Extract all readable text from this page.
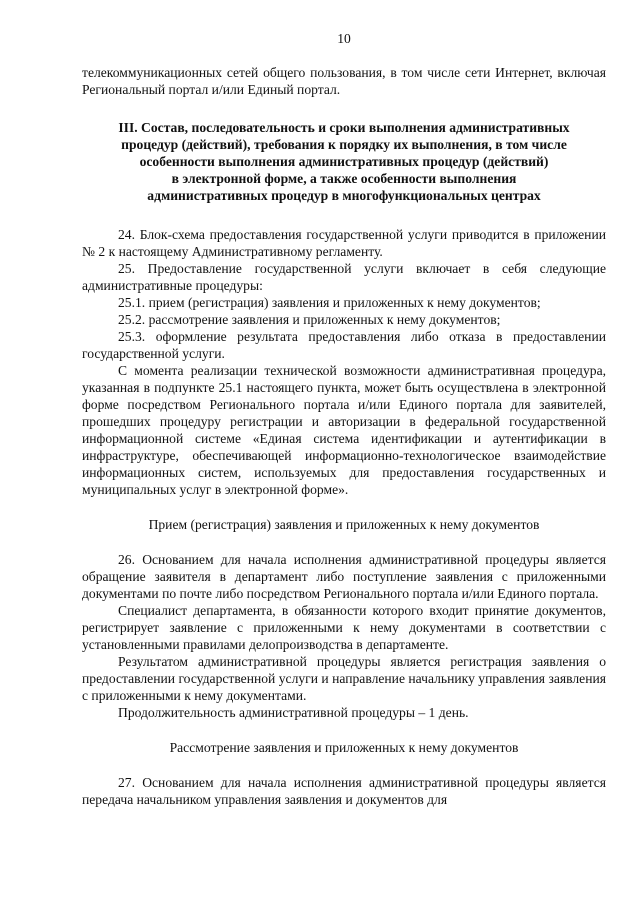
10

телекоммуникационных сетей общего пользования, в том числе сети Интернет, включая Региональный портал и/или Единый портал.

III. Состав, последовательность и сроки выполнения административных
процедур (действий), требования к порядку их выполнения, в том числе
особенности выполнения административных процедур (действий)
в электронной форме, а также особенности выполнения
административных процедур в многофункциональных центрах

24. Блок-схема предоставления государственной услуги приводится в приложении № 2 к настоящему Административному регламенту.

25. Предоставление государственной услуги включает в себя следующие административные процедуры:

25.1. прием (регистрация) заявления и приложенных к нему документов;

25.2. рассмотрение заявления и приложенных к нему документов;

25.3. оформление результата предоставления либо отказа в предоставлении государственной услуги.

С момента реализации технической возможности административная процедура, указанная в подпункте 25.1 настоящего пункта, может быть осуществлена в электронной форме посредством Регионального портала и/или Единого портала для заявителей, прошедших процедуру регистрации и авторизации в федеральной государственной информационной системе «Единая система идентификации и аутентификации в инфраструктуре, обеспечивающей информационно-технологическое взаимодействие информационных систем, используемых для предоставления государственных и муниципальных услуг в электронной форме».

Прием (регистрация) заявления и приложенных к нему документов

26. Основанием для начала исполнения административной процедуры является обращение заявителя в департамент либо поступление заявления с приложенными документами по почте либо посредством Регионального портала и/или Единого портала.

Специалист департамента, в обязанности которого входит принятие документов, регистрирует заявление с приложенными к нему документами в соответствии с установленными правилами делопроизводства в департаменте.

Результатом административной процедуры является регистрация заявления о предоставлении государственной услуги и направление начальнику управления заявления с приложенными к нему документами.

Продолжительность административной процедуры – 1 день.

Рассмотрение заявления и приложенных к нему документов

27. Основанием для начала исполнения административной процедуры является передача начальником управления заявления и документов для
